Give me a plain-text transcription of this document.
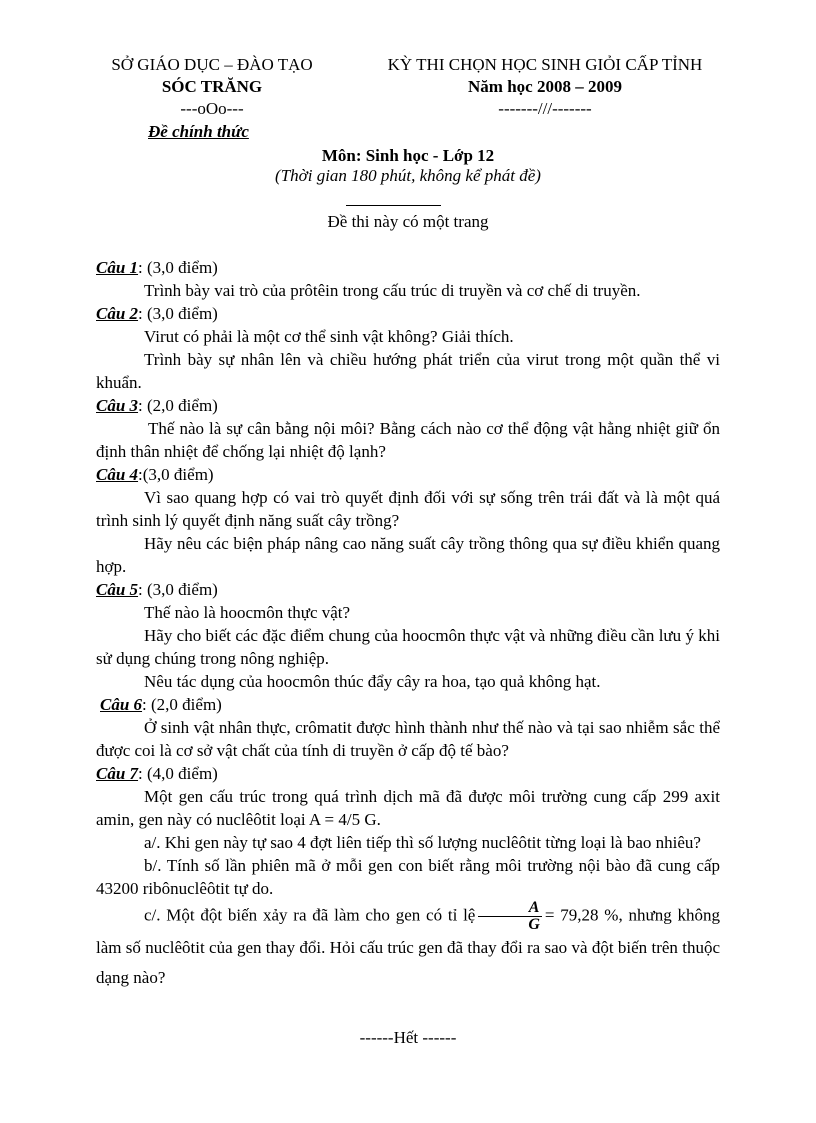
SỞ GIÁO DỤC – ĐÀO TẠO
SÓC TRĂNG
---oOo---
KỲ THI CHỌN HỌC SINH GIỎI CẤP TỈNH
Năm học 2008 – 2009
-------///-------
Đề chính thức
Môn: Sinh học - Lớp 12
(Thời gian 180 phút, không kể phát đề)
Đề thi này có một trang

Câu 1: (3,0 điểm)

Trình bày vai trò của prôtêin trong cấu trúc di truyền và cơ chế di truyền.

Câu 2: (3,0 điểm)

Virut có phải là một cơ thể sinh vật không? Giải thích.

Trình bày sự nhân lên và chiều hướng phát triển của virut trong một quần thể vi khuẩn.

Câu 3: (2,0 điểm)

Thế nào là sự cân bằng nội môi? Bằng cách nào cơ thể động vật hằng nhiệt giữ ổn định thân nhiệt để chống lại nhiệt độ lạnh?

Câu 4:(3,0 điểm)

Vì sao quang hợp có vai trò quyết định đối với sự sống trên trái đất và là một quá trình sinh lý quyết định năng suất cây trồng?

Hãy nêu các biện pháp nâng cao năng suất cây trồng thông qua sự điều khiển quang hợp.

Câu 5: (3,0 điểm)

Thế nào là hoocmôn thực vật?

Hãy cho biết các đặc điểm chung của hoocmôn thực vật và những điều cần lưu ý khi sử dụng chúng trong nông nghiệp.

Nêu tác dụng của hoocmôn thúc đẩy cây ra hoa, tạo quả không hạt.

Câu 6: (2,0 điểm)

Ở sinh vật nhân thực, crômatit được hình thành như thế nào và tại sao nhiễm sắc thể được coi là cơ sở vật chất của tính di truyền ở cấp độ tế bào?

Câu 7: (4,0 điểm)

Một gen cấu trúc trong quá trình dịch mã đã được môi trường cung cấp 299 axit amin, gen này có nuclêôtit loại A = 4/5 G.

a/. Khi gen này tự sao 4 đợt liên tiếp thì số lượng nuclêôtit từng loại là bao nhiêu?

b/. Tính số lần phiên mã ở mỗi gen con biết rằng môi trường nội bào đã cung cấp 43200 ribônuclêôtit tự do.

c/. Một đột biến xảy ra đã làm cho gen có tỉ lệ $\frac{A}{G} = 79,28$ %, nhưng không làm số nuclêôtit của gen thay đổi. Hỏi cấu trúc gen đã thay đổi ra sao và đột biến trên thuộc dạng nào?

------Hết ------
